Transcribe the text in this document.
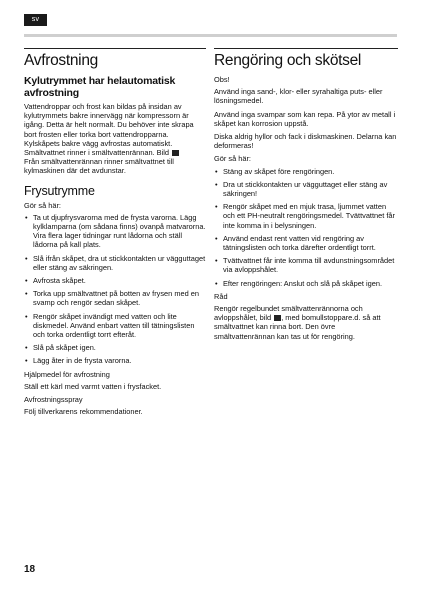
sv
Avfrostning
Kylutrymmet har helautomatisk avfrostning

Vattendroppar och frost kan bildas på insidan av kylutrymmets bakre innervägg när kompressorn är igång. Detta är helt normalt. Du behöver inte skrapa bort frosten eller torka bort vattendropparna. Kylskåpets bakre vägg avfrostas automatiskt. Smältvattnet rinner i smältvattenrännan. Bild
Från smältvattenrännan rinner smältvattnet till kylmaskinen där det avdunstar.

Frysutrymme
Gör så här:
• Ta ut djupfrysvarorna med de frysta varorna. Lägg kylklamparna (om sådana finns) ovanpå matvarorna. Vira flera lager tidningar runt lådorna och ställ lådorna på kall plats.
• Slå ifrån skåpet, dra ut stickkontakten ur vägguttaget eller stäng av säkringen.
• Avfrosta skåpet.
• Torka upp smältvattnet på botten av frysen med en svamp och rengör sedan skåpet.
• Rengör skåpet invändigt med vatten och lite diskmedel. Använd enbart vatten till tätningslisten och torka ordentligt torrt efteråt.
• Slå på skåpet igen.
• Lägg åter in de frysta varorna.
Hjälpmedel för avfrostning

Ställ ett kärl med varmt vatten i frysfacket.

Avfrostningsspray

Följ tillverkarens rekommendationer.

Rengöring och skötsel
Obs!

Använd inga sand-, klor- eller syrahaltiga puts- eller lösningsmedel.

Använd inga svampar som kan repa. På ytor av metall i skåpet kan korrosion uppstå.

Diska aldrig hyllor och fack i diskmaskinen. Delarna kan deformeras!

Gör så här:
• Stäng av skåpet före rengöringen.
• Dra ut stickkontakten ur vägguttaget eller stäng av säkringen!
• Rengör skåpet med en mjuk trasa, ljummet vatten och ett PH-neutralt rengöringsmedel. Tvättvattnet får inte komma in i belysningen.
• Använd endast rent vatten vid rengöring av tätningslisten och torka därefter ordentligt torrt.
• Tvättvattnet får inte komma till avdunstningsområdet via avloppshålet.
• Efter rengöringen: Anslut och slå på skåpet igen.
Råd

Rengör regelbundet smältvattenrännorna och avloppshålet, bild , med bomullstoppare.d. så att smältvattnet kan rinna bort. Den övre smältvattenrännan kan tas ut för rengöring.

18
